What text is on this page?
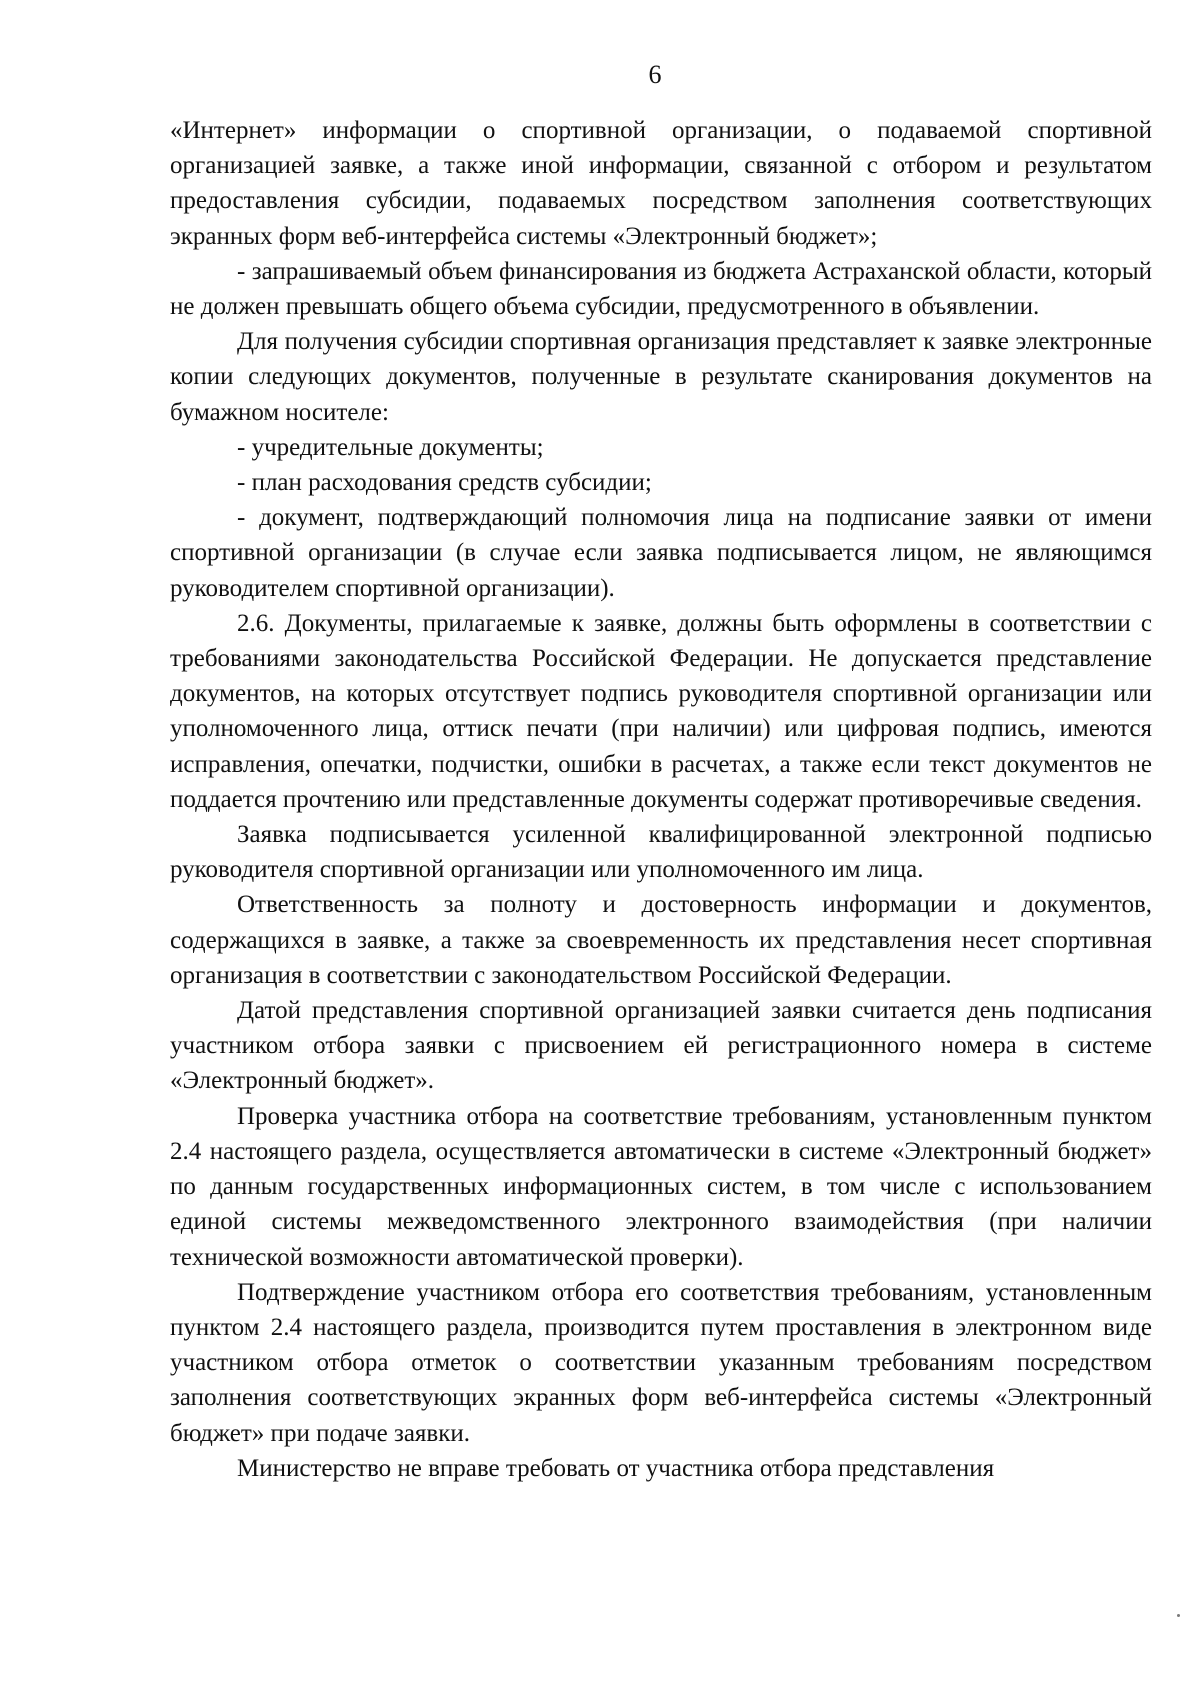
6

«Интернет» информации о спортивной организации, о подаваемой спортивной организацией заявке, а также иной информации, связанной с отбором и результатом предоставления субсидии, подаваемых посредством заполнения соответствующих экранных форм веб-интерфейса системы «Электронный бюджет»;

- запрашиваемый объем финансирования из бюджета Астраханской области, который не должен превышать общего объема субсидии, предусмотренного в объявлении.

Для получения субсидии спортивная организация представляет к заявке электронные копии следующих документов, полученные в результате сканирования документов на бумажном носителе:

- учредительные документы;

- план расходования средств субсидии;

- документ, подтверждающий полномочия лица на подписание заявки от имени спортивной организации (в случае если заявка подписывается лицом, не являющимся руководителем спортивной организации).

2.6. Документы, прилагаемые к заявке, должны быть оформлены в соответствии с требованиями законодательства Российской Федерации. Не допускается представление документов, на которых отсутствует подпись руководителя спортивной организации или уполномоченного лица, оттиск печати (при наличии) или цифровая подпись, имеются исправления, опечатки, подчистки, ошибки в расчетах, а также если текст документов не поддается прочтению или представленные документы содержат противоречивые сведения.

Заявка подписывается усиленной квалифицированной электронной подписью руководителя спортивной организации или уполномоченного им лица.

Ответственность за полноту и достоверность информации и документов, содержащихся в заявке, а также за своевременность их представления несет спортивная организация в соответствии с законодательством Российской Федерации.

Датой представления спортивной организацией заявки считается день подписания участником отбора заявки с присвоением ей регистрационного номера в системе «Электронный бюджет».

Проверка участника отбора на соответствие требованиям, установленным пунктом 2.4 настоящего раздела, осуществляется автоматически в системе «Электронный бюджет» по данным государственных информационных систем, в том числе с использованием единой системы межведомственного электронного взаимодействия (при наличии технической возможности автоматической проверки).

Подтверждение участником отбора его соответствия требованиям, установленным пунктом 2.4 настоящего раздела, производится путем проставления в электронном виде участником отбора отметок о соответствии указанным требованиям посредством заполнения соответствующих экранных форм веб-интерфейса системы «Электронный бюджет» при подаче заявки.

Министерство не вправе требовать от участника отбора представления
